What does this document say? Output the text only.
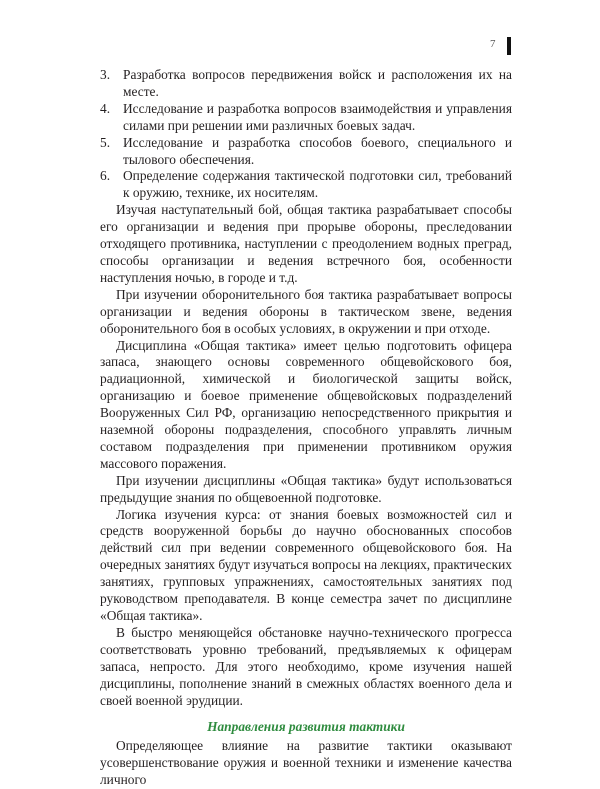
7
3. Разработка вопросов передвижения войск и расположения их на месте.
4. Исследование и разработка вопросов взаимодействия и управления силами при решении ими различных боевых задач.
5. Исследование и разработка способов боевого, специального и тылового обеспечения.
6. Определение содержания тактической подготовки сил, требований к оружию, технике, их носителям.

Изучая наступательный бой, общая тактика разрабатывает способы его организации и ведения при прорыве обороны, преследовании отходящего противника, наступлении с преодолением водных преград, способы организации и ведения встречного боя, особенности наступления ночью, в городе и т.д.

При изучении оборонительного боя тактика разрабатывает вопросы организации и ведения обороны в тактическом звене, ведения оборонительного боя в особых условиях, в окружении и при отходе.

Дисциплина «Общая тактика» имеет целью подготовить офицера запаса, знающего основы современного общевойскового боя, радиационной, химической и биологической защиты войск, организацию и боевое применение общевойсковых подразделений Вооруженных Сил РФ, организацию непосредственного прикрытия и наземной обороны подразделения, способного управлять личным составом подразделения при применении противником оружия массового поражения.

При изучении дисциплины «Общая тактика» будут использоваться предыдущие знания по общевоенной подготовке.

Логика изучения курса: от знания боевых возможностей сил и средств вооруженной борьбы до научно обоснованных способов действий сил при ведении современного общевойскового боя. На очередных занятиях будут изучаться вопросы на лекциях, практических занятиях, групповых упражнениях, самостоятельных занятиях под руководством преподавателя. В конце семестра зачет по дисциплине «Общая тактика».

В быстро меняющейся обстановке научно-технического прогресса соответствовать уровню требований, предъявляемых к офицерам запаса, непросто. Для этого необходимо, кроме изучения нашей дисциплины, пополнение знаний в смежных областях военного дела и своей военной эрудиции.

Направления развития тактики

Определяющее влияние на развитие тактики оказывают усовершенствование оружия и военной техники и изменение качества личного
